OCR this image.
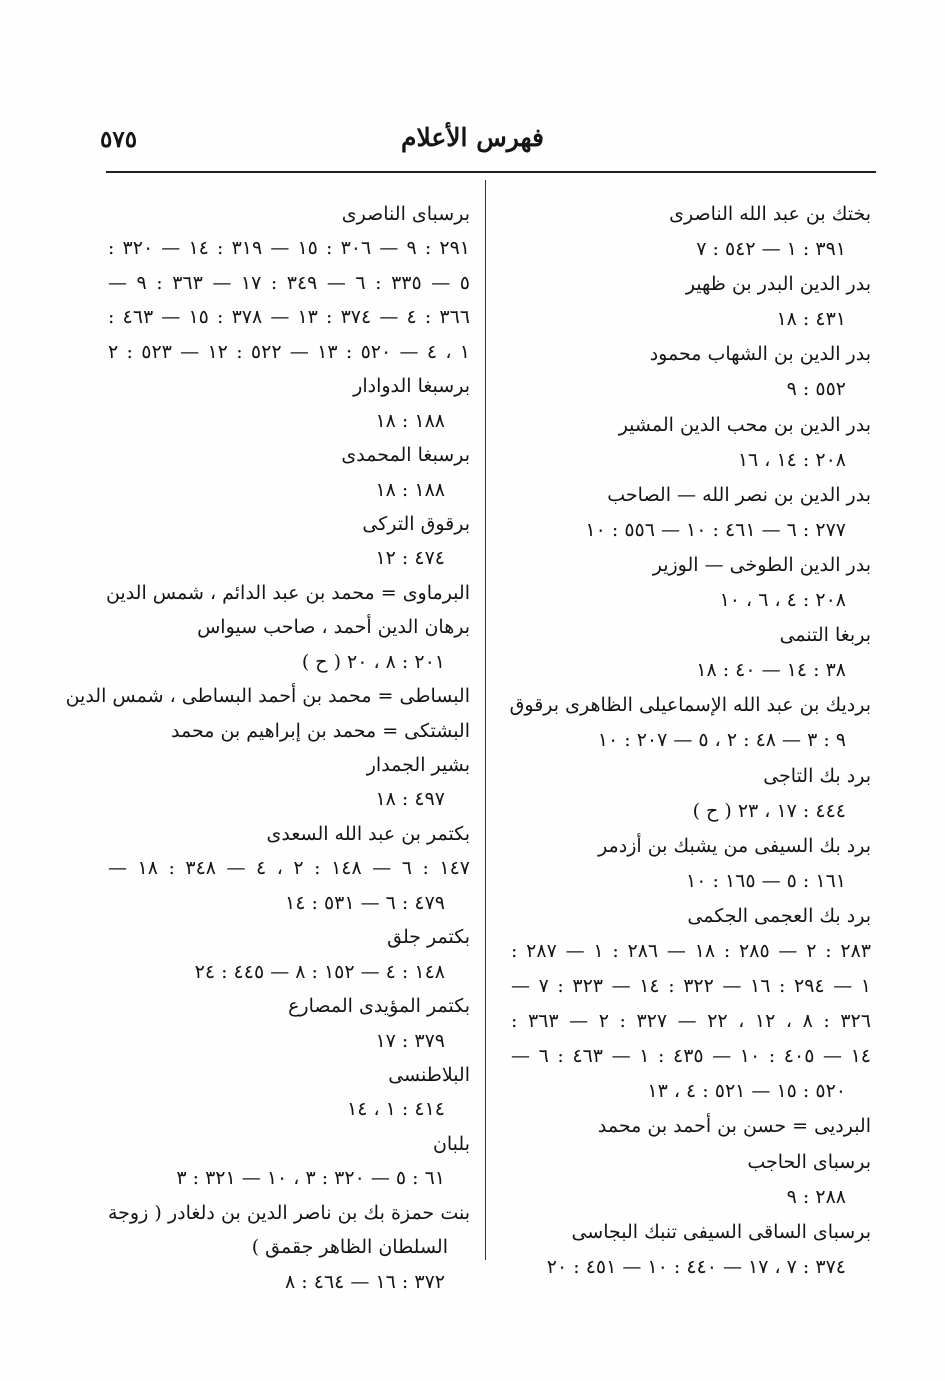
٥٧٥	فهرس الأعلام
بختك بن عبد الله الناصرى
٣٩١ : ١ — ٥٤٢ : ٧
بدر الدين البدر بن ظهير
٤٣١ : ١٨
بدر الدين بن الشهاب محمود
٥٥٢ : ٩
بدر الدين بن محب الدين المشير
٢٠٨ : ١٤ ، ١٦
بدر الدين بن نصر الله — الصاحب
٢٧٧ : ٦ — ٤٦١ : ١٠ — ٥٥٦ : ١٠
بدر الدين الطوخى — الوزير
٢٠٨ : ٤ ، ٦ ، ١٠
بربغا التنمى
٣٨ : ١٤ — ٤٠ : ١٨
برديك بن عبد الله الإسماعيلى الظاهرى برقوق
٩ : ٣ — ٤٨ : ٢ ، ٥ — ٢٠٧ : ١٠
برد بك التاجى
٤٤٤ : ١٧ ، ٢٣ ( ح )
برد بك السيفى من يشبك بن أزدمر
١٦١ : ٥ — ١٦٥ : ١٠
برد بك العجمى الجكمى
٢٨٣ : ٢ — ٢٨٥ : ١٨ — ٢٨٦ : ١ — ٢٨٧ :
١ — ٢٩٤ : ١٦ — ٣٢٢ : ١٤ — ٣٢٣ : ٧ —
٣٢٦ : ٨ ، ١٢ ، ٢٢ — ٣٢٧ : ٢ — ٣٦٣ :
١٤ — ٤٠٥ : ١٠ — ٤٣٥ : ١ — ٤٦٣ : ٦ —
٥٢٠ : ١٥ — ٥٢١ : ٤ ، ١٣
البرديى = حسن بن أحمد بن محمد
برسباى الحاجب
٢٨٨ : ٩
برسباى الساقى السيفى تنبك البجاسى
٣٧٤ : ٧ ، ١٧ — ٤٤٠ : ١٠ — ٤٥١ : ٢٠
برسباى الناصرى
٢٩١ : ٩ — ٣٠٦ : ١٥ — ٣١٩ : ١٤ — ٣٢٠ :
٥ — ٣٣٥ : ٦ — ٣٤٩ : ١٧ — ٣٦٣ : ٩ —
٣٦٦ : ٤ — ٣٧٤ : ١٣ — ٣٧٨ : ١٥ — ٤٦٣ :
١ ، ٤ — ٥٢٠ : ١٣ — ٥٢٢ : ١٢ — ٥٢٣ : ٢
برسبغا الدوادار
١٨٨ : ١٨
برسبغا المحمدى
١٨٨ : ١٨
برقوق التركى
٤٧٤ : ١٢
البرماوى = محمد بن عبد الدائم ، شمس الدين
برهان الدين أحمد ، صاحب سيواس
٢٠١ : ٨ ، ٢٠ ( ح )
البساطى = محمد بن أحمد البساطى ، شمس الدين
البشتكى = محمد بن إبراهيم بن محمد
بشير الجمدار
٤٩٧ : ١٨
بكتمر بن عبد الله السعدى
١٤٧ : ٦ — ١٤٨ : ٢ ، ٤ — ٣٤٨ : ١٨ —
٤٧٩ : ٦ — ٥٣١ : ١٤
بكتمر جلق
١٤٨ : ٤ — ١٥٢ : ٨ — ٤٤٥ : ٢٤
بكتمر المؤيدى المصارع
٣٧٩ : ١٧
البلاطنسى
٤١٤ : ١ ، ١٤
بلبان
٦١ : ٥ — ٣٢٠ : ٣ ، ١٠ — ٣٢١ : ٣
بنت حمزة بك بن ناصر الدين بن دلغادر ( زوجة
السلطان الظاهر جقمق )
٣٧٢ : ١٦ — ٤٦٤ : ٨
